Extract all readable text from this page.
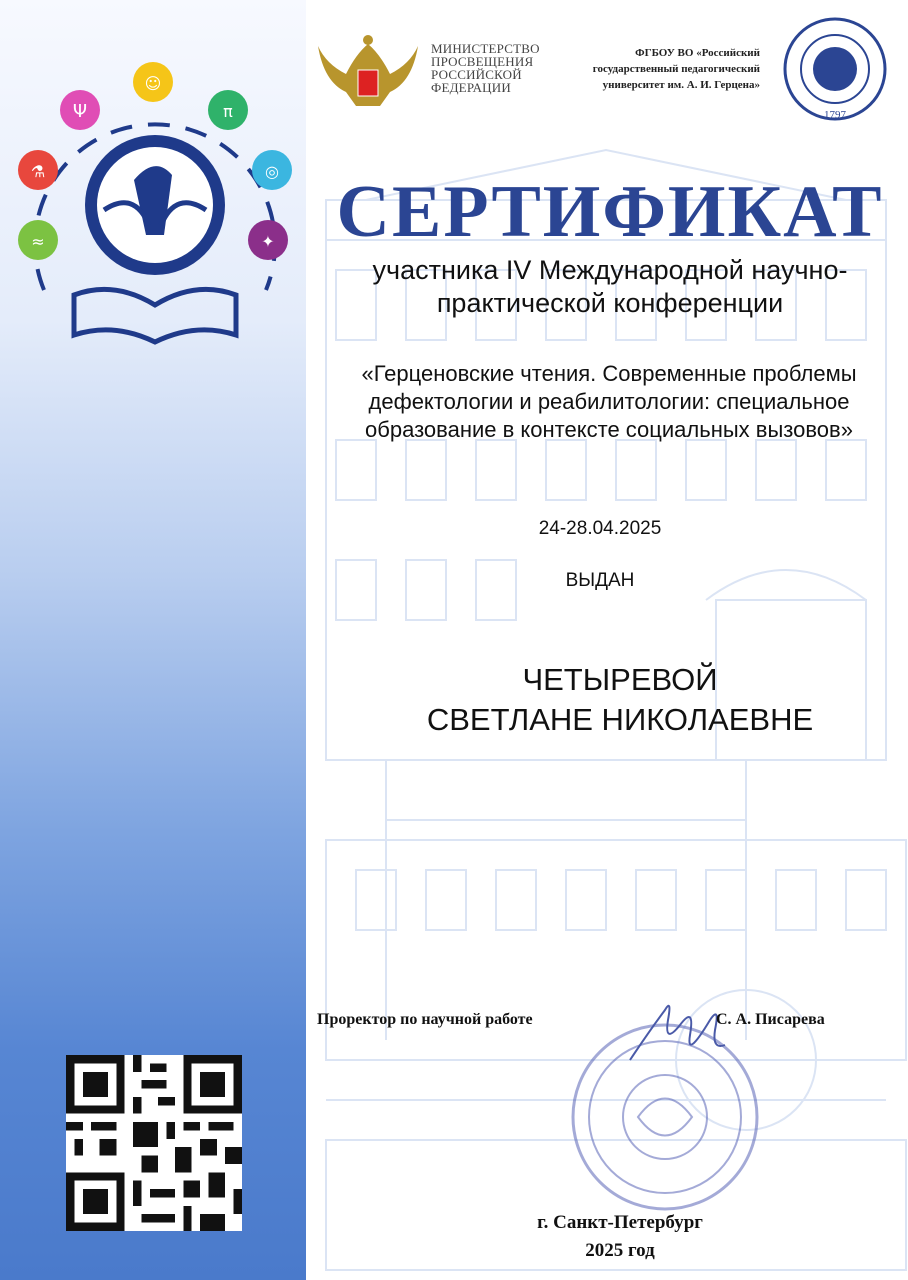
Ψ
☺
π
⚗	◎
≈	✦
МИНИСТЕРСТВО ПРОСВЕЩЕНИЯ РОССИЙСКОЙ ФЕДЕРАЦИИ
ФГБОУ ВО «Российский государственный педагогический университет им. А. И. Герцена»
1797
СЕРТИФИКАТ
участника IV Международной научно-практической конференции
«Герценовские чтения. Современные проблемы дефектологии и реабилитологии: специальное образование в контексте социальных вызовов»
24-28.04.2025
ВЫДАН
ЧЕТЫРЕВОЙ
СВЕТЛАНЕ НИКОЛАЕВНЕ
Проректор по научной работе	С. А. Писарева
г. Санкт-Петербург
2025 год
